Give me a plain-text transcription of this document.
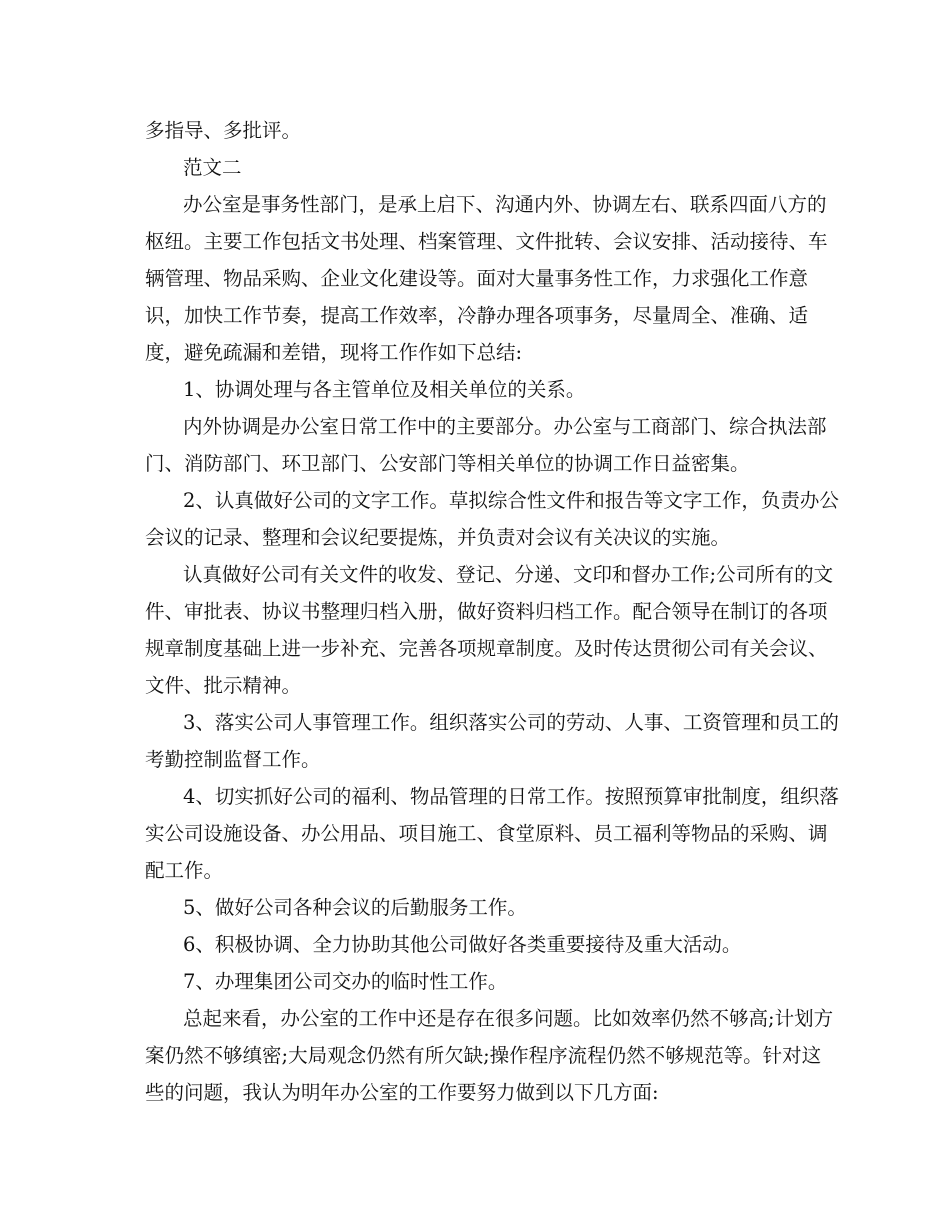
多指导、多批评。
范文二
办公室是事务性部门，是承上启下、沟通内外、协调左右、联系四面八方的
枢纽。主要工作包括文书处理、档案管理、文件批转、会议安排、活动接待、车
辆管理、物品采购、企业文化建设等。面对大量事务性工作，力求强化工作意
识，加快工作节奏，提高工作效率，冷静办理各项事务，尽量周全、准确、适
度，避免疏漏和差错，现将工作作如下总结:
1、协调处理与各主管单位及相关单位的关系。
内外协调是办公室日常工作中的主要部分。办公室与工商部门、综合执法部
门、消防部门、环卫部门、公安部门等相关单位的协调工作日益密集。
2、认真做好公司的文字工作。草拟综合性文件和报告等文字工作，负责办公
会议的记录、整理和会议纪要提炼，并负责对会议有关决议的实施。
认真做好公司有关文件的收发、登记、分递、文印和督办工作;公司所有的文
件、审批表、协议书整理归档入册，做好资料归档工作。配合领导在制订的各项
规章制度基础上进一步补充、完善各项规章制度。及时传达贯彻公司有关会议、
文件、批示精神。
3、落实公司人事管理工作。组织落实公司的劳动、人事、工资管理和员工的
考勤控制监督工作。
4、切实抓好公司的福利、物品管理的日常工作。按照预算审批制度，组织落
实公司设施设备、办公用品、项目施工、食堂原料、员工福利等物品的采购、调
配工作。
5、做好公司各种会议的后勤服务工作。
6、积极协调、全力协助其他公司做好各类重要接待及重大活动。
7、办理集团公司交办的临时性工作。
总起来看，办公室的工作中还是存在很多问题。比如效率仍然不够高;计划方
案仍然不够缜密;大局观念仍然有所欠缺;操作程序流程仍然不够规范等。针对这
些的问题，我认为明年办公室的工作要努力做到以下几方面:
